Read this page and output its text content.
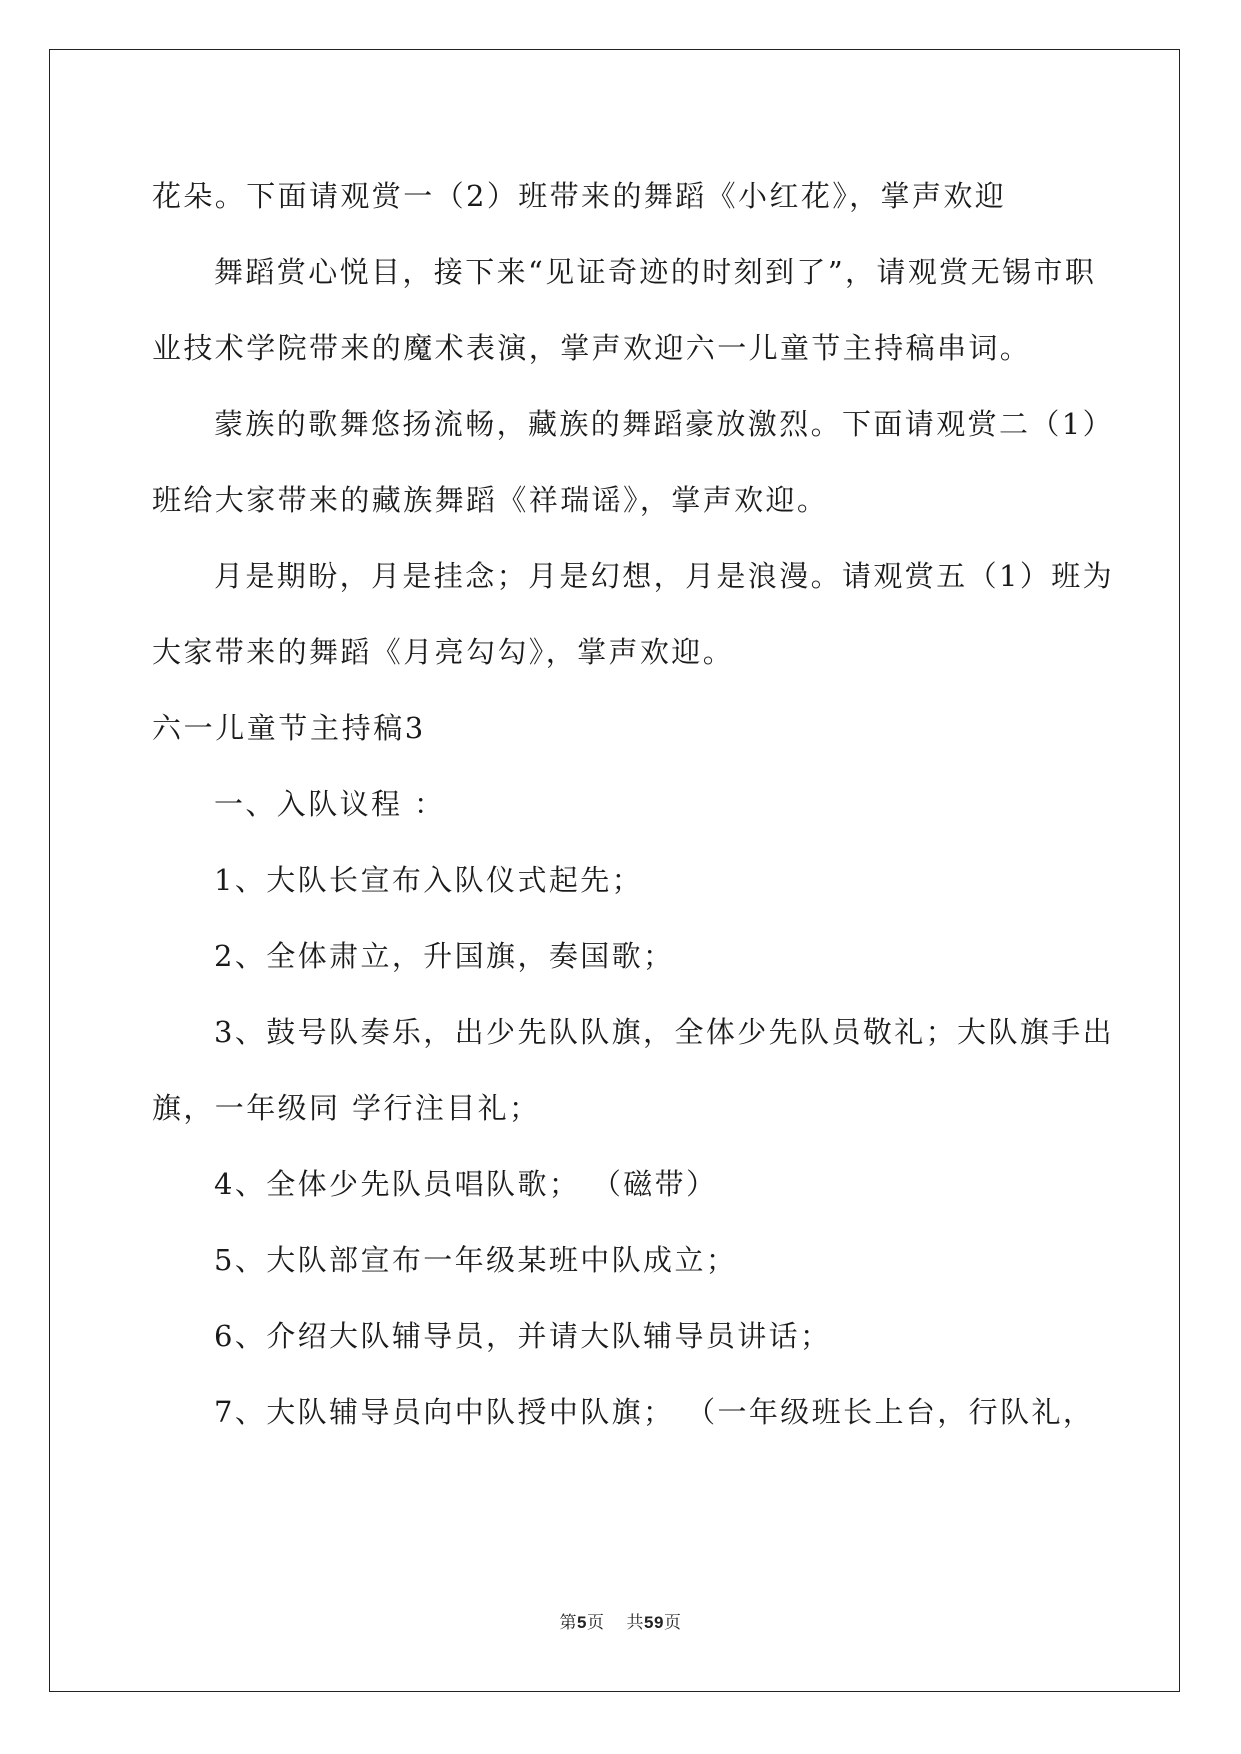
花朵。下面请观赏一（2）班带来的舞蹈《小红花》，掌声欢迎
舞蹈赏心悦目，接下来“见证奇迹的时刻到了”，请观赏无锡市职
业技术学院带来的魔术表演，掌声欢迎六一儿童节主持稿串词。
蒙族的歌舞悠扬流畅，藏族的舞蹈豪放激烈。下面请观赏二（1）
班给大家带来的藏族舞蹈《祥瑞谣》，掌声欢迎。
月是期盼，月是挂念；月是幻想，月是浪漫。请观赏五（1）班为
大家带来的舞蹈《月亮勾勾》，掌声欢迎。
六一儿童节主持稿3
一、入队议程 ：
1、大队长宣布入队仪式起先；
2、全体肃立，升国旗，奏国歌；
3、鼓号队奏乐，出少先队队旗，全体少先队员敬礼；大队旗手出
旗，一年级同 学行注目礼；
4、全体少先队员唱队歌； （磁带）
5、大队部宣布一年级某班中队成立；
6、介绍大队辅导员，并请大队辅导员讲话；
7、大队辅导员向中队授中队旗； （一年级班长上台，行队礼，
第5页 共59页
